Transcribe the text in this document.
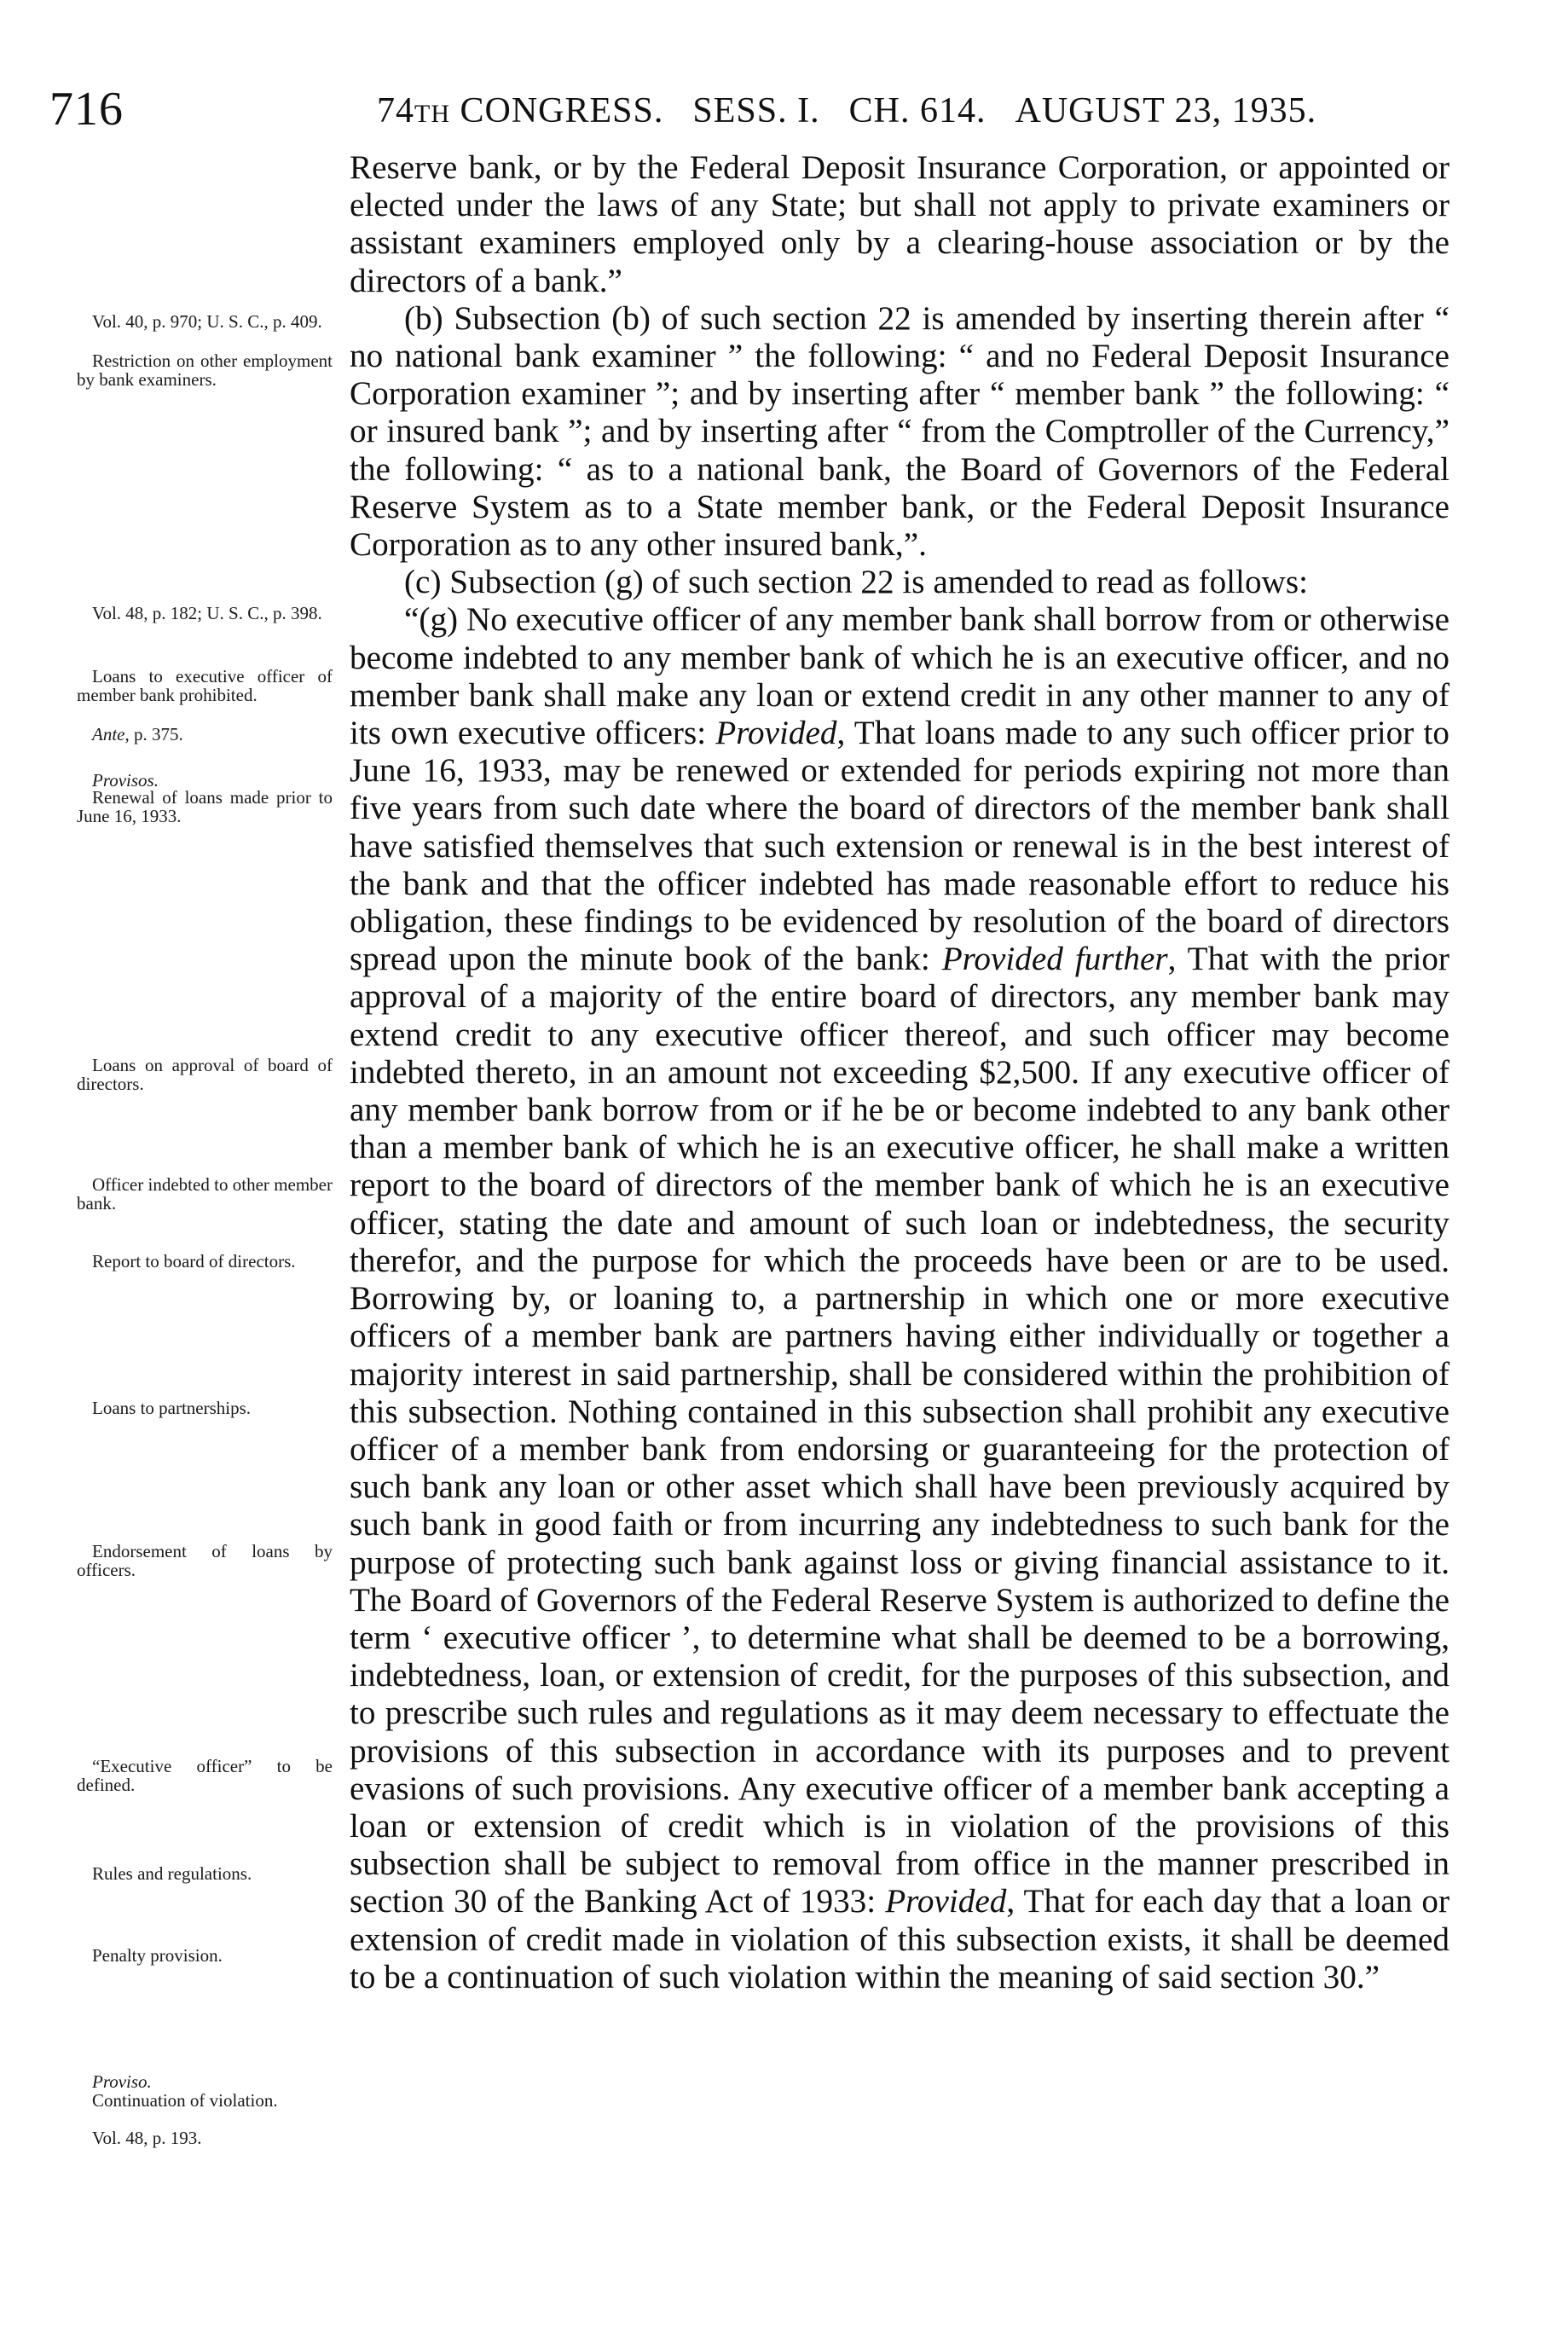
716	74TH CONGRESS. SESS. I. CH. 614. AUGUST 23, 1935.

Reserve bank, or by the Federal Deposit Insurance Corporation, or appointed or elected under the laws of any State; but shall not apply to private examiners or assistant examiners employed only by a clearing-house association or by the directors of a bank.”

(b) Subsection (b) of such section 22 is amended by inserting therein after “ no national bank examiner ” the following: “ and no Federal Deposit Insurance Corporation examiner ”; and by inserting after “ member bank ” the following: “ or insured bank ”; and by inserting after “ from the Comptroller of the Currency,” the following: “ as to a national bank, the Board of Governors of the Federal Reserve System as to a State member bank, or the Federal Deposit Insurance Corporation as to any other insured bank,”.

(c) Subsection (g) of such section 22 is amended to read as follows:

“(g) No executive officer of any member bank shall borrow from or otherwise become indebted to any member bank of which he is an executive officer, and no member bank shall make any loan or extend credit in any other manner to any of its own executive officers: Provided, That loans made to any such officer prior to June 16, 1933, may be renewed or extended for periods expiring not more than five years from such date where the board of directors of the member bank shall have satisfied themselves that such extension or renewal is in the best interest of the bank and that the officer indebted has made reasonable effort to reduce his obligation, these findings to be evidenced by resolution of the board of directors spread upon the minute book of the bank: Provided further, That with the prior approval of a majority of the entire board of directors, any member bank may extend credit to any executive officer thereof, and such officer may become indebted thereto, in an amount not exceeding $2,500. If any executive officer of any member bank borrow from or if he be or become indebted to any bank other than a member bank of which he is an executive officer, he shall make a written report to the board of directors of the member bank of which he is an executive officer, stating the date and amount of such loan or indebtedness, the security therefor, and the purpose for which the proceeds have been or are to be used. Borrowing by, or loaning to, a partnership in which one or more executive officers of a member bank are partners having either individually or together a majority interest in said partnership, shall be considered within the prohibition of this subsection. Nothing contained in this subsection shall prohibit any executive officer of a member bank from endorsing or guaranteeing for the protection of such bank any loan or other asset which shall have been previously acquired by such bank in good faith or from incurring any indebtedness to such bank for the purpose of protecting such bank against loss or giving financial assistance to it. The Board of Governors of the Federal Reserve System is authorized to define the term ‘ executive officer ’, to determine what shall be deemed to be a borrowing, indebtedness, loan, or extension of credit, for the purposes of this subsection, and to prescribe such rules and regulations as it may deem necessary to effectuate the provisions of this subsection in accordance with its purposes and to prevent evasions of such provisions. Any executive officer of a member bank accepting a loan or extension of credit which is in violation of the provisions of this subsection shall be subject to removal from office in the manner prescribed in section 30 of the Banking Act of 1933: Provided, That for each day that a loan or extension of credit made in violation of this subsection exists, it shall be deemed to be a continuation of such violation within the meaning of said section 30.”

Vol. 40, p. 970; U. S. C., p. 409.
Restriction on other employment by bank examiners.
Vol. 48, p. 182; U. S. C., p. 398.
Loans to executive officer of member bank prohibited.
Ante, p. 375.
Provisos.
Renewal of loans made prior to June 16, 1933.
Loans on approval of board of directors.
Officer indebted to other member bank.
Report to board of directors.
Loans to partnerships.
Endorsement of loans by officers.
“Executive officer” to be defined.
Rules and regulations.
Penalty provision.
Proviso.
Continuation of violation.
Vol. 48, p. 193.
